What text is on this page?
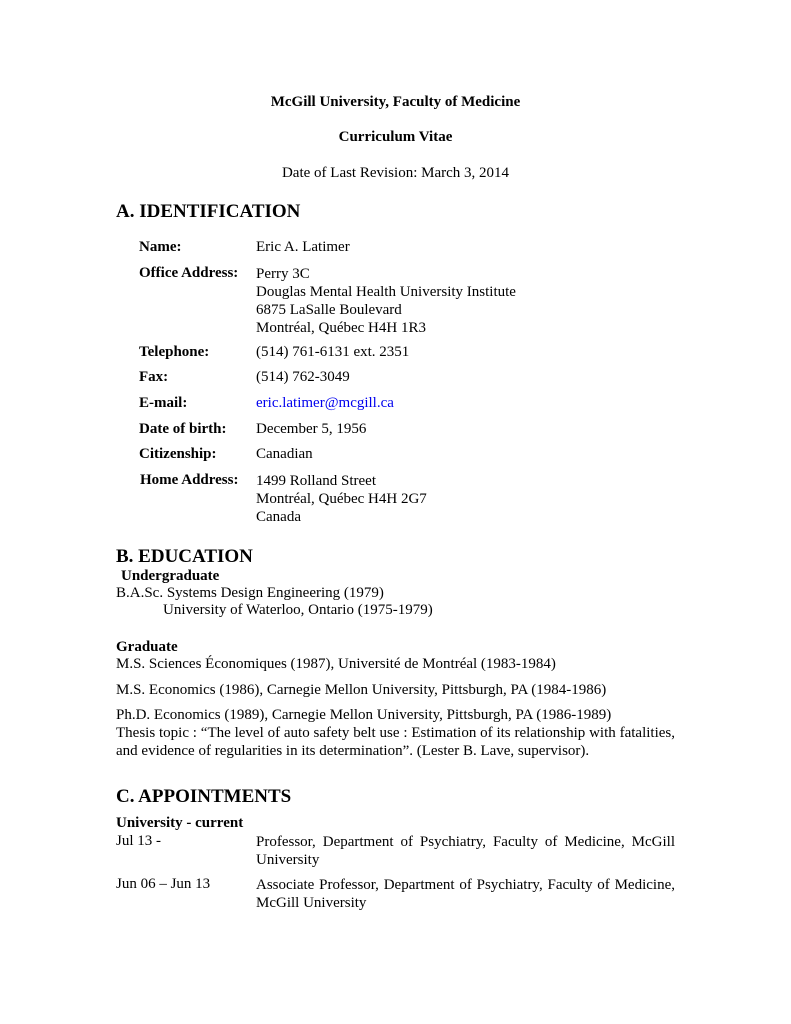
McGill University, Faculty of Medicine
Curriculum Vitae
Date of Last Revision: March 3, 2014
A. IDENTIFICATION
Name:	Eric A. Latimer
Office Address: Perry 3C
Douglas Mental Health University Institute
6875 LaSalle Boulevard
Montréal, Québec H4H 1R3
Telephone:	(514) 761-6131 ext. 2351
Fax:	(514) 762-3049
E-mail:	eric.latimer@mcgill.ca
Date of birth: December 5, 1956
Citizenship:	Canadian
Home Address: 1499 Rolland Street
Montréal, Québec H4H 2G7
Canada
B. EDUCATION
Undergraduate
B.A.Sc. Systems Design Engineering (1979)
University of Waterloo, Ontario (1975-1979)
Graduate
M.S. Sciences Économiques (1987), Université de Montréal (1983-1984)
M.S. Economics (1986), Carnegie Mellon University, Pittsburgh, PA (1984-1986)
Ph.D. Economics (1989), Carnegie Mellon University, Pittsburgh, PA (1986-1989)
Thesis topic : “The level of auto safety belt use : Estimation of its relationship with fatalities, and evidence of regularities in its determination”. (Lester B. Lave, supervisor).
C. APPOINTMENTS
University - current
Jul 13 -	Professor, Department of Psychiatry, Faculty of Medicine, McGill University
Jun 06 – Jun 13	Associate Professor, Department of Psychiatry, Faculty of Medicine, McGill University
